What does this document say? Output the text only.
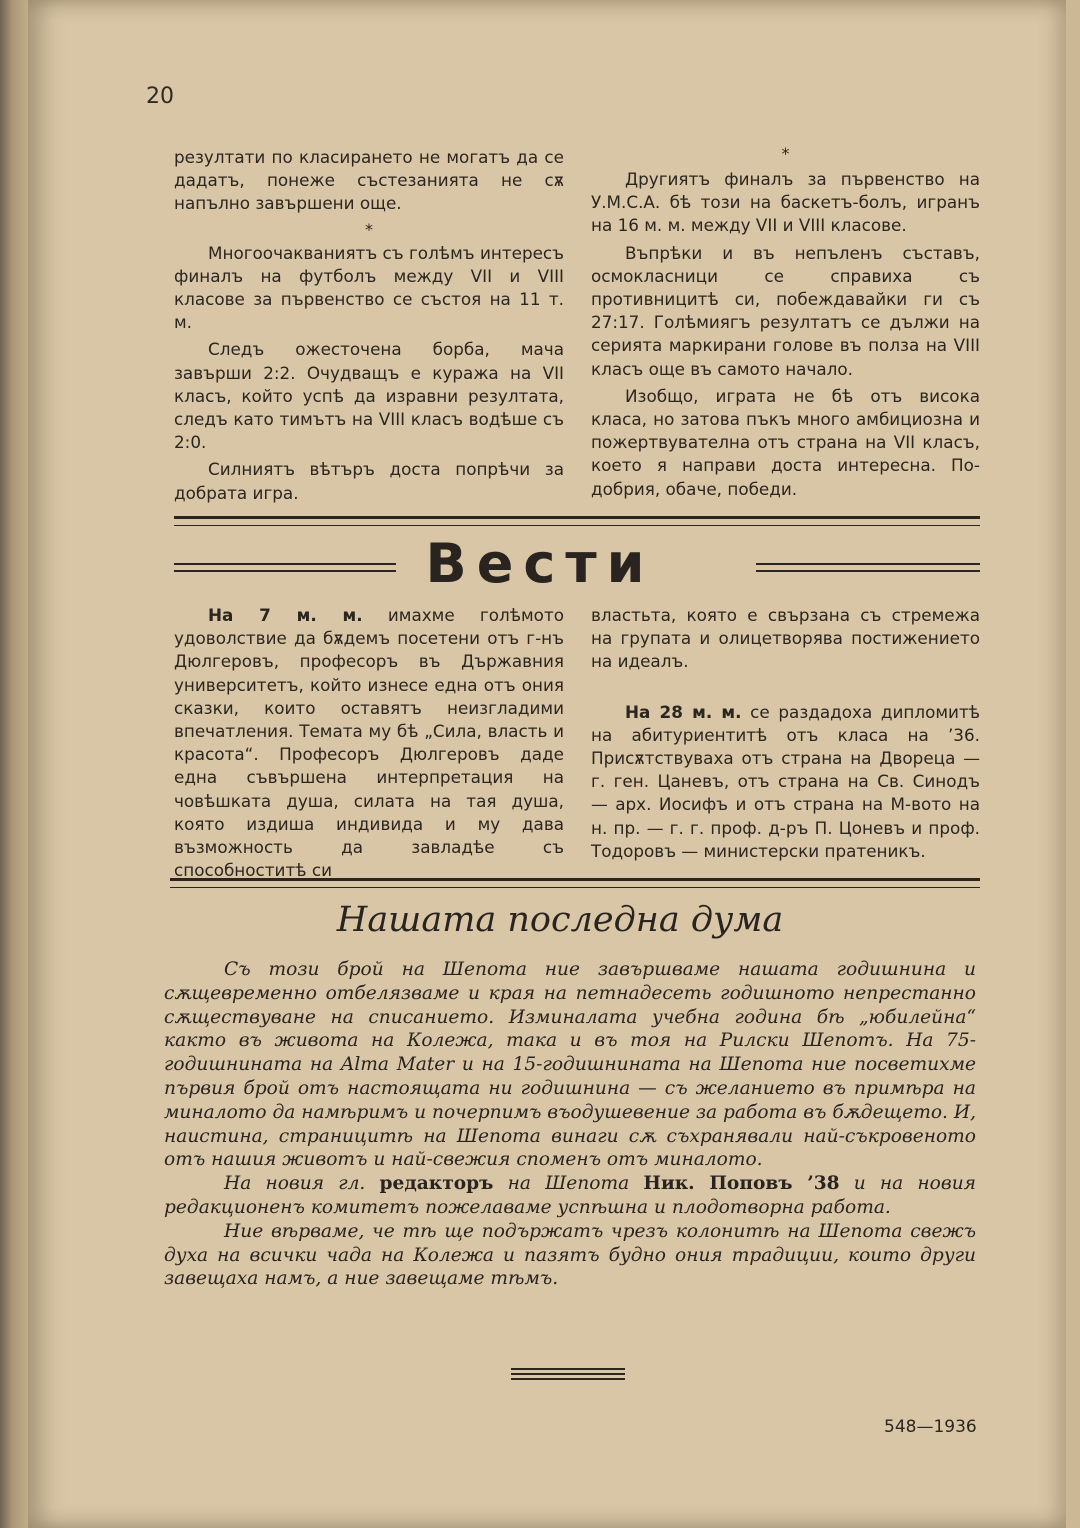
20

резултати по класирането не могатъ да се дадатъ, понеже състезанията не сѫ напълно завършени още.

*

Многоочакваниятъ съ голѣмъ интересъ финалъ на футболъ между VII и VIII класове за първенство се състоя на 11 т. м.

Следъ ожесточена борба, мача завърши 2:2. Очудващъ е куража на VII класъ, който успѣ да изравни резултата, следъ като тимътъ на VIII класъ водѣше съ 2:0.

Силниятъ вѣтъръ доста попрѣчи за добрата игра.

*

Другиятъ финалъ за първенство на У.М.С.А. бѣ този на баскетъ-болъ, игранъ на 16 м. м. между VII и VIII класове.

Въпрѣки и въ непъленъ съставъ, осмокласници се справиха съ противницитѣ си, побеждавайки ги съ 27:17. Голѣмиягъ резултатъ се дължи на серията маркирани голове въ полза на VIII класъ още въ самото начало.

Изобщо, играта не бѣ отъ висока класа, но затова пъкъ много амбициозна и пожертвувателна отъ страна на VII класъ, което я направи доста интересна. По-добрия, обаче, победи.

Вести

На 7 м. м. имахме голѣмото удоволствие да бѫдемъ посетени отъ г-нъ Дюлгеровъ, професоръ въ Държавния университетъ, който изнесе една отъ ония сказки, които оставятъ неизгладими впечатления. Темата му бѣ „Сила, власть и красота“. Професоръ Дюлгеровъ даде една съвършена интерпретация на човѣшката душа, силата на тая душа, която издиша индивида и му дава възможность да завладѣе съ способноститѣ си

властьта, която е свързана съ стремежа на групата и олицетворява постижението на идеалъ.

На 28 м. м. се раздадоха дипломитѣ на абитуриентитѣ отъ класа на ’36. Присѫтствуваха отъ страна на Двореца — г. ген. Цаневъ, отъ страна на Св. Синодъ — арх. Иосифъ и отъ страна на М-вото на н. пр. — г. г. проф. д-ръ П. Цоневъ и проф. Тодоровъ — министерски пратеникъ.

Нашата последна дума

Съ този брой на Шепота ние завършваме нашата годишнина и сѫщевременно отбелязваме и края на петнадесеть годишното непрестанно сѫществуване на списанието. Изминалата учебна година бѣ „юбилейна“ както въ живота на Колежа, така и въ тоя на Рилски Шепотъ. На 75-годишнината на Alma Mater и на 15-годишнината на Шепота ние посветихме първия брой отъ настоящата ни годишнина — съ желанието въ примѣра на миналото да намѣримъ и почерпимъ въодушевение за работа въ бѫдещето. И, наистина, страницитѣ на Шепота винаги сѫ съхранявали най-съкровеното отъ нашия животъ и най-свежия споменъ отъ миналото.

На новия гл. редакторъ на Шепота Ник. Поповъ ’38 и на новия редакционенъ комитетъ пожелаваме успѣшна и плодотворна работа.

Ние вѣрваме, че тѣ ще подържатъ чрезъ колонитѣ на Шепота свежъ духа на всички чада на Колежа и пазятъ будно ония традиции, които други завещаха намъ, а ние завещаме тѣмъ.

548—1936
